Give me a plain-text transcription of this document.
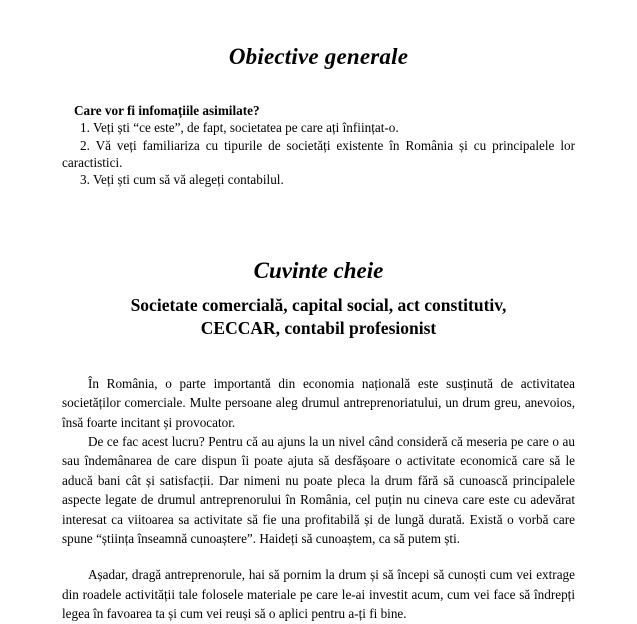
Obiective generale

Care vor fi infomațiile asimilate?

1. Veți ști “ce este”, de fapt, societatea pe care ați înființat-o.

2. Vă veți familiariza cu tipurile de societăți existente în România și cu principalele lor caractistici.

3. Veți ști cum să vă alegeți contabilul.

Cuvinte cheie
Societate comercială, capital social, act constitutiv,
CECCAR, contabil profesionist

În România, o parte importantă din economia națională este susținută de activitatea societăților comerciale. Multe persoane aleg drumul antreprenoriatului, un drum greu, anevoios, însă foarte incitant și provocator.

De ce fac acest lucru? Pentru că au ajuns la un nivel când consideră că meseria pe care o au sau îndemânarea de care dispun îi poate ajuta să desfășoare o activitate economică care să le aducă bani cât și satisfacții. Dar nimeni nu poate pleca la drum fără să cunoască principalele aspecte legate de drumul antreprenorului în România, cel puțin nu cineva care este cu adevărat interesat ca viitoarea sa activitate să fie una profitabilă și de lungă durată. Există o vorbă care spune “știința înseamnă cunoaștere”. Haideți să cunoaștem, ca să putem ști.

Așadar, dragă antreprenorule, hai să pornim la drum și să începi să cunoști cum vei extrage din roadele activității tale folosele materiale pe care le-ai investit acum, cum vei face să îndrepți legea în favoarea ta și cum vei reuși să o aplici pentru a-ți fi bine.
